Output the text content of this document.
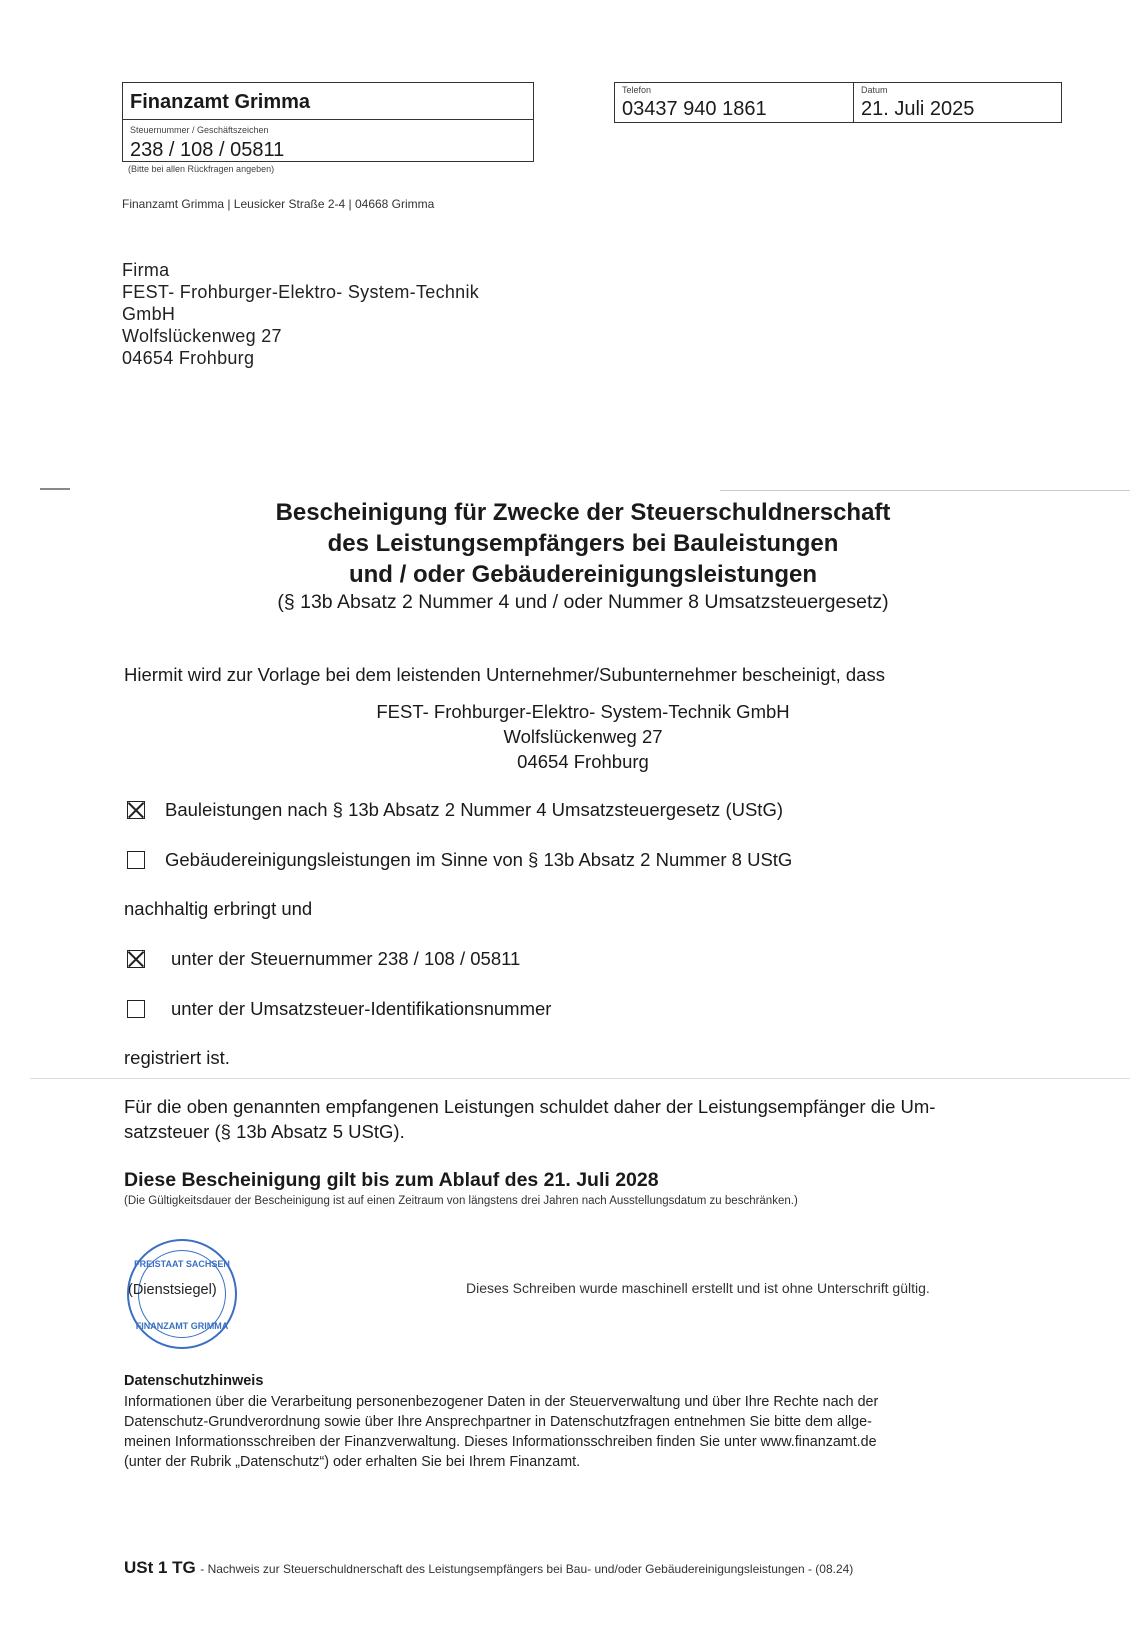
Finanzamt Grimma
Steuernummer / Geschäftszeichen
238 / 108 / 05811
(Bitte bei allen Rückfragen angeben)
Telefon
03437 940 1861
Datum
21. Juli 2025
Finanzamt Grimma | Leusicker Straße 2-4 | 04668 Grimma
Firma
FEST- Frohburger-Elektro- System-Technik
GmbH
Wolfslückenweg 27
04654 Frohburg
Bescheinigung für Zwecke der Steuerschuldnerschaft
des Leistungsempfängers bei Bauleistungen
und / oder Gebäudereinigungsleistungen
(§ 13b Absatz 2 Nummer 4 und / oder Nummer 8 Umsatzsteuergesetz)
Hiermit wird zur Vorlage bei dem leistenden Unternehmer/Subunternehmer bescheinigt, dass
FEST- Frohburger-Elektro- System-Technik GmbH
Wolfslückenweg 27
04654 Frohburg
Bauleistungen nach § 13b Absatz 2 Nummer 4 Umsatzsteuergesetz (UStG)
Gebäudereinigungsleistungen im Sinne von § 13b Absatz 2 Nummer 8 UStG
nachhaltig erbringt und
unter der Steuernummer 238 / 108 / 05811
unter der Umsatzsteuer-Identifikationsnummer
registriert ist.
Für die oben genannten empfangenen Leistungen schuldet daher der Leistungsempfänger die Um-
satzsteuer (§ 13b Absatz 5 UStG).
Diese Bescheinigung gilt bis zum Ablauf des 21. Juli 2028
(Die Gültigkeitsdauer der Bescheinigung ist auf einen Zeitraum von längstens drei Jahren nach Ausstellungsdatum zu beschränken.)
FREISTAAT SACHSEN
FINANZAMT GRIMMA
(Dienstsiegel)	Dieses Schreiben wurde maschinell erstellt und ist ohne Unterschrift gültig.
Datenschutzhinweis
Informationen über die Verarbeitung personenbezogener Daten in der Steuerverwaltung und über Ihre Rechte nach der
Datenschutz-Grundverordnung sowie über Ihre Ansprechpartner in Datenschutzfragen entnehmen Sie bitte dem allge-
meinen Informationsschreiben der Finanzverwaltung. Dieses Informationsschreiben finden Sie unter www.finanzamt.de
(unter der Rubrik „Datenschutz“) oder erhalten Sie bei Ihrem Finanzamt.
USt 1 TG - Nachweis zur Steuerschuldnerschaft des Leistungsempfängers bei Bau- und/oder Gebäudereinigungsleistungen - (08.24)
